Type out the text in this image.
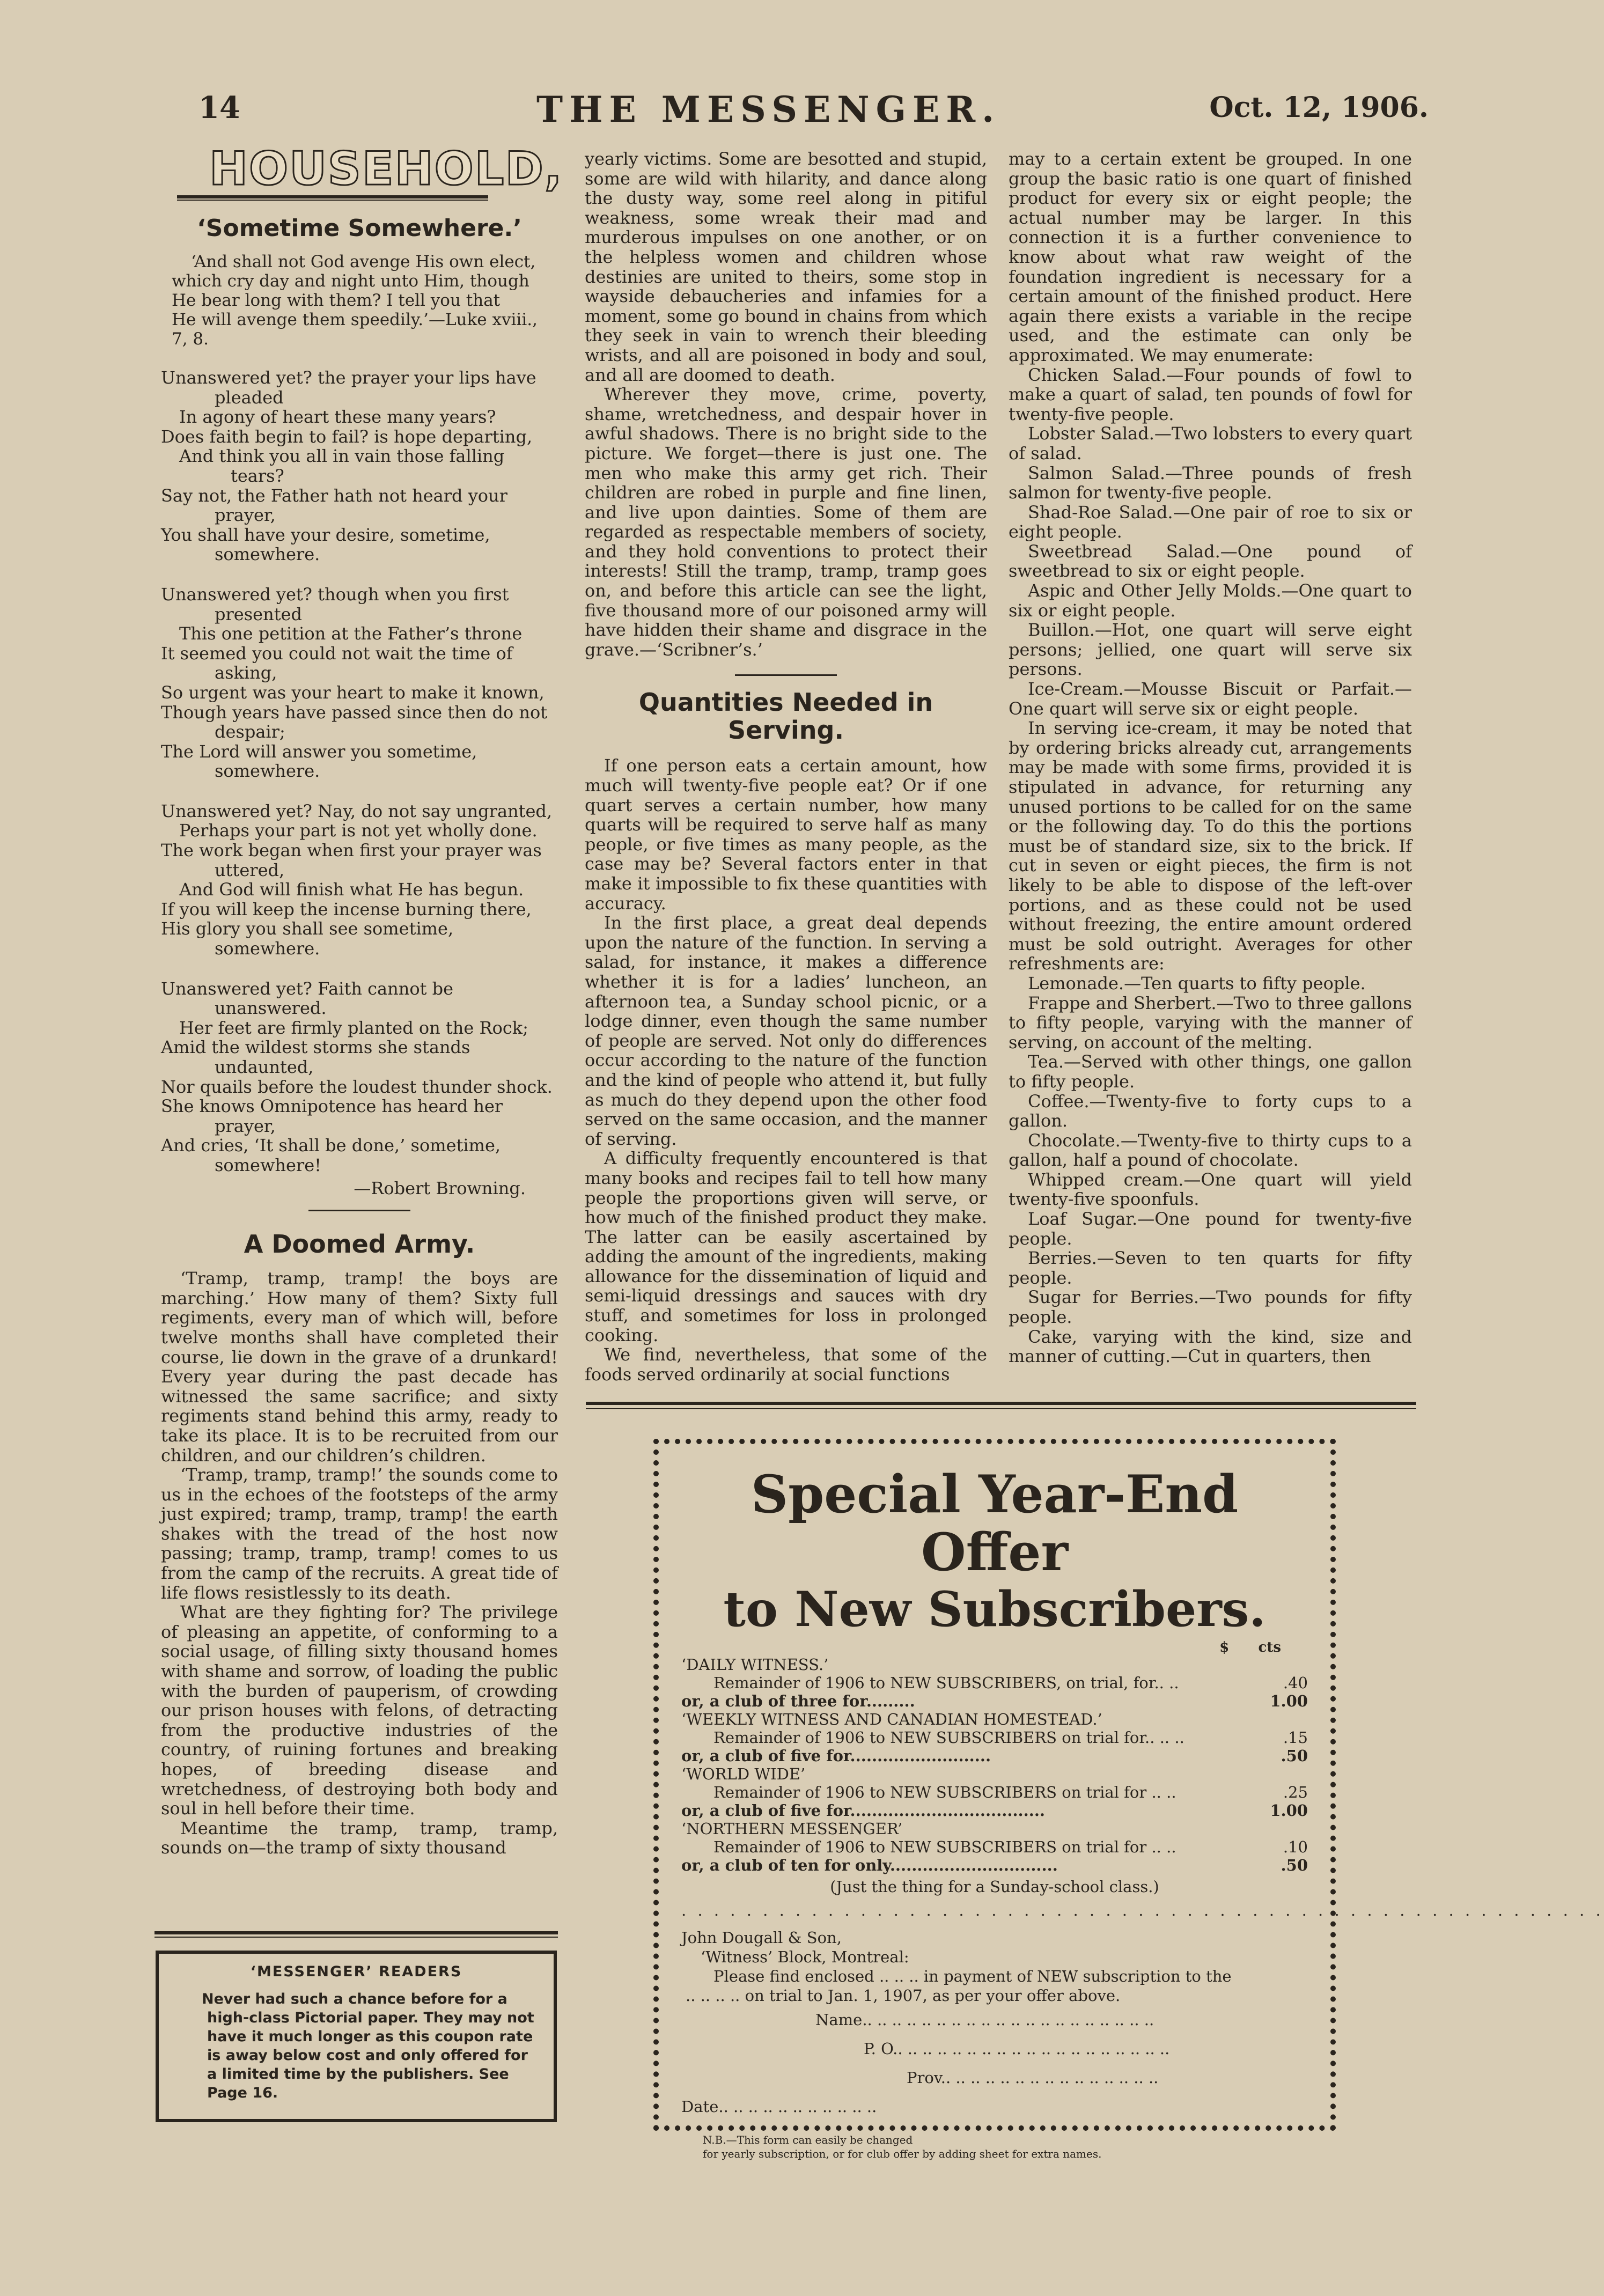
14	THE MESSENGER.	Oct. 12, 1906.
HOUSEHOLD,
‘Sometime Somewhere.’
‘And shall not God avenge His own elect,
which cry day and night unto Him, though
He bear long with them? I tell you that
He will avenge them speedily.’—Luke xviii.,
7, 8.
Unanswered yet? the prayer your lips have pleaded
In agony of heart these many years?
Does faith begin to fail? is hope departing,
And think you all in vain those falling tears?
Say not, the Father hath not heard your prayer,
You shall have your desire, sometime, somewhere.
Unanswered yet? though when you first presented
This one petition at the Father’s throne
It seemed you could not wait the time of asking,
So urgent was your heart to make it known,
Though years have passed since then do not despair;
The Lord will answer you sometime, somewhere.
Unanswered yet? Nay, do not say ungranted,
Perhaps your part is not yet wholly done.
The work began when first your prayer was uttered,
And God will finish what He has begun.
If you will keep the incense burning there,
His glory you shall see sometime, somewhere.
Unanswered yet? Faith cannot be unanswered.
Her feet are firmly planted on the Rock;
Amid the wildest storms she stands undaunted,
Nor quails before the loudest thunder shock.
She knows Omnipotence has heard her prayer,
And cries, ‘It shall be done,’ sometime, somewhere!
—Robert Browning.
A Doomed Army.

‘Tramp, tramp, tramp! the boys are marching.’ How many of them? Sixty full regiments, every man of which will, before twelve months shall have completed their course, lie down in the grave of a drunkard! Every year during the past decade has witnessed the same sacrifice; and sixty regiments stand behind this army, ready to take its place. It is to be recruited from our children, and our children’s children.

‘Tramp, tramp, tramp!’ the sounds come to us in the echoes of the footsteps of the army just expired; tramp, tramp, tramp! the earth shakes with the tread of the host now passing; tramp, tramp, tramp! comes to us from the camp of the recruits. A great tide of life flows resistlessly to its death.

What are they fighting for? The privilege of pleasing an appetite, of conforming to a social usage, of filling sixty thousand homes with shame and sorrow, of loading the public with the burden of pauperism, of crowding our prison houses with felons, of detracting from the productive industries of the country, of ruining fortunes and breaking hopes, of breeding disease and wretchedness, of destroying both body and soul in hell before their time.

Meantime the tramp, tramp, tramp, sounds on—the tramp of sixty thousand

‘MESSENGER’ READERS
Never had such a chance before for a high-class Pictorial paper. They may not have it much longer as this coupon rate is away below cost and only offered for a limited time by the publishers. See Page 16.

yearly victims. Some are besotted and stupid, some are wild with hilarity, and dance along the dusty way, some reel along in pitiful weakness, some wreak their mad and murderous impulses on one another, or on the helpless women and children whose destinies are united to theirs, some stop in wayside debaucheries and infamies for a moment, some go bound in chains from which they seek in vain to wrench their bleeding wrists, and all are poisoned in body and soul, and all are doomed to death.

Wherever they move, crime, poverty, shame, wretchedness, and despair hover in awful shadows. There is no bright side to the picture. We forget—there is just one. The men who make this army get rich. Their children are robed in purple and fine linen, and live upon dainties. Some of them are regarded as respectable members of society, and they hold conventions to protect their interests! Still the tramp, tramp, tramp goes on, and before this article can see the light, five thousand more of our poisoned army will have hidden their shame and disgrace in the grave.—‘Scribner’s.’

Quantities Needed in Serving.

If one person eats a certain amount, how much will twenty-five people eat? Or if one quart serves a certain number, how many quarts will be required to serve half as many people, or five times as many people, as the case may be? Several factors enter in that make it impossible to fix these quantities with accuracy.

In the first place, a great deal depends upon the nature of the function. In serving a salad, for instance, it makes a difference whether it is for a ladies’ luncheon, an afternoon tea, a Sunday school picnic, or a lodge dinner, even though the same number of people are served. Not only do differences occur according to the nature of the function and the kind of people who attend it, but fully as much do they depend upon the other food served on the same occasion, and the manner of serving.

A difficulty frequently encountered is that many books and recipes fail to tell how many people the proportions given will serve, or how much of the finished product they make. The latter can be easily ascertained by adding the amount of the ingredients, making allowance for the dissemination of liquid and semi-liquid dressings and sauces with dry stuff, and sometimes for loss in prolonged cooking.

We find, nevertheless, that some of the foods served ordinarily at social functions

may to a certain extent be grouped. In one group the basic ratio is one quart of finished product for every six or eight people; the actual number may be larger. In this connection it is a further convenience to know about what raw weight of the foundation ingredient is necessary for a certain amount of the finished product. Here again there exists a variable in the recipe used, and the estimate can only be approximated. We may enumerate:

Chicken Salad.—Four pounds of fowl to make a quart of salad, ten pounds of fowl for twenty-five people.

Lobster Salad.—Two lobsters to every quart of salad.

Salmon Salad.—Three pounds of fresh salmon for twenty-five people.

Shad-Roe Salad.—One pair of roe to six or eight people.

Sweetbread Salad.—One pound of sweetbread to six or eight people.

Aspic and Other Jelly Molds.—One quart to six or eight people.

Buillon.—Hot, one quart will serve eight persons; jellied, one quart will serve six persons.

Ice-Cream.—Mousse Biscuit or Parfait.—One quart will serve six or eight people.

In serving ice-cream, it may be noted that by ordering bricks already cut, arrangements may be made with some firms, provided it is stipulated in advance, for returning any unused portions to be called for on the same or the following day. To do this the portions must be of standard size, six to the brick. If cut in seven or eight pieces, the firm is not likely to be able to dispose of the left-over portions, and as these could not be used without freezing, the entire amount ordered must be sold outright. Averages for other refreshments are:

Lemonade.—Ten quarts to fifty people.

Frappe and Sherbert.—Two to three gallons to fifty people, varying with the manner of serving, on account of the melting.

Tea.—Served with other things, one gallon to fifty people.

Coffee.—Twenty-five to forty cups to a gallon.

Chocolate.—Twenty-five to thirty cups to a gallon, half a pound of chocolate.

Whipped cream.—One quart will yield twenty-five spoonfuls.

Loaf Sugar.—One pound for twenty-five people.

Berries.—Seven to ten quarts for fifty people.

Sugar for Berries.—Two pounds for fifty people.

Cake, varying with the kind, size and manner of cutting.—Cut in quarters, then

Special Year-End Offer
to New Subscribers.
$ cts
‘DAILY WITNESS.’
Remainder of 1906 to NEW SUBSCRIBERS, on trial, for.. ..	.40
or, a club of three for.........	1.00
‘WEEKLY WITNESS AND CANADIAN HOMESTEAD.’
Remainder of 1906 to NEW SUBSCRIBERS on trial for.. .. ..	.15
or, a club of five for..........................	.50
‘WORLD WIDE’
Remainder of 1906 to NEW SUBSCRIBERS on trial for .. ..	.25
or, a club of five for....................................	1.00
‘NORTHERN MESSENGER’
Remainder of 1906 to NEW SUBSCRIBERS on trial for .. ..	.10
or, a club of ten for only...............................	.50
(Just the thing for a Sunday-school class.)
. . . . . . . . . . . . . . . . . . . . . . . . . . . . . . . . . . . . . . . . . . . . . . . . . . . . . . . . .
John Dougall & Son,
‘Witness’ Block, Montreal:
Please find enclosed .. .. .. in payment of NEW subscription to the
.. .. .. .. on trial to Jan. 1, 1907, as per your offer above.
Name.. .. .. .. .. .. .. .. .. .. .. .. .. .. .. .. .. .. .. ..
P. O.. .. .. .. .. .. .. .. .. .. .. .. .. .. .. .. .. .. ..
Prov.. .. .. .. .. .. .. .. .. .. .. .. .. .. ..
Date.. .. .. .. .. .. .. .. .. .. ..
N.B.—This form can easily be changed
for yearly subscription, or for club offer by adding sheet for extra names.
